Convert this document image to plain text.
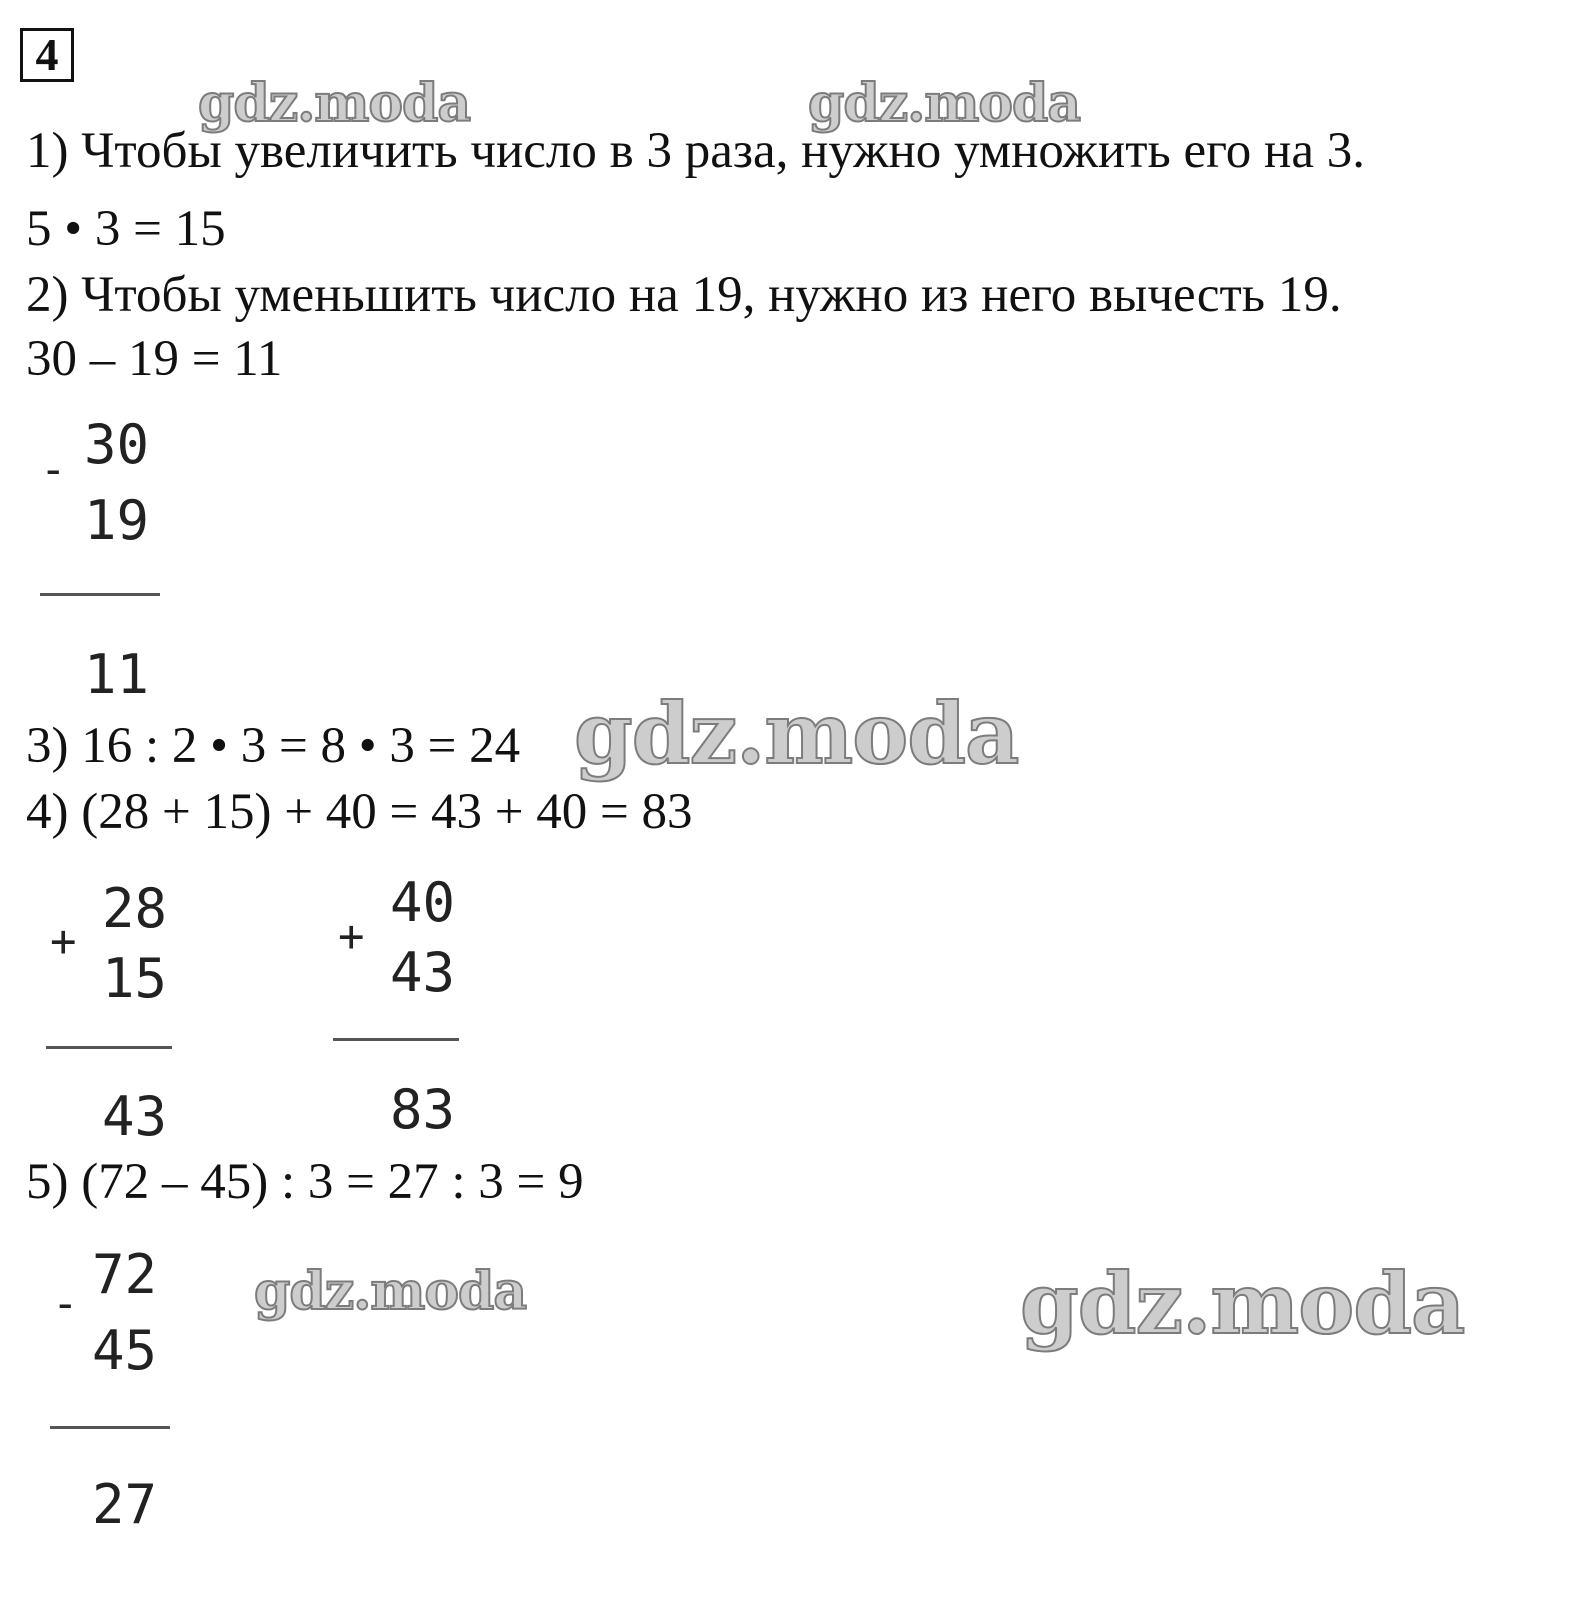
4
1) Чтобы увеличить число в 3 раза, нужно умножить его на 3.
5 • 3 = 15
2) Чтобы уменьшить число на 19, нужно из него вычесть 19.
30 – 19 = 11
3) 16 : 2 • 3 = 8 • 3 = 24
4) (28 + 15) + 40 = 43 + 40 = 83
5) (72 – 45) : 3 = 27 : 3 = 9
- 30
19
11
+
28
15
43
+
40
43
83
- 72
45
27
gdz.moda	gdz.moda
gdz.moda
gdz.moda	gdz.moda
